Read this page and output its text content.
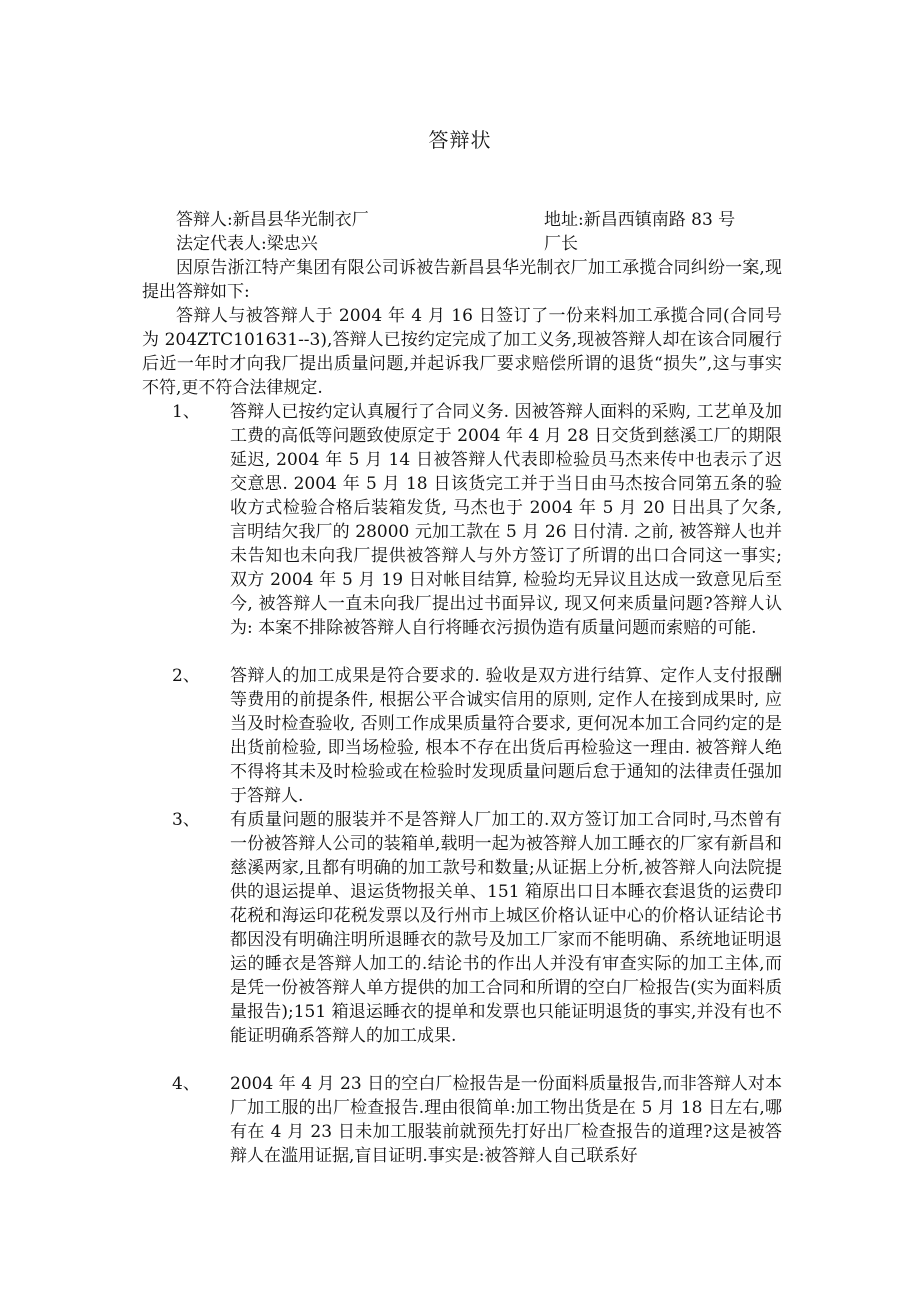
答辩状
答辩人:新昌县华光制衣厂	地址:新昌西镇南路 83 号
法定代表人:梁忠兴	厂长
因原告浙江特产集团有限公司诉被告新昌县华光制衣厂加工承揽合同纠纷一案,现提出答辩如下:
答辩人与被答辩人于 2004 年 4 月 16 日签订了一份来料加工承揽合同(合同号为 204ZTC101631--3),答辩人已按约定完成了加工义务,现被答辩人却在该合同履行后近一年时才向我厂提出质量问题,并起诉我厂要求赔偿所谓的退货“损失”,这与事实不符,更不符合法律规定.
1、 答辩人已按约定认真履行了合同义务. 因被答辩人面料的采购, 工艺单及加工费的高低等问题致使原定于 2004 年 4 月 28 日交货到慈溪工厂的期限延迟, 2004 年 5 月 14 日被答辩人代表即检验员马杰来传中也表示了迟交意思. 2004 年 5 月 18 日该货完工并于当日由马杰按合同第五条的验收方式检验合格后装箱发货, 马杰也于 2004 年 5 月 20 日出具了欠条, 言明结欠我厂的 28000 元加工款在 5 月 26 日付清. 之前, 被答辩人也并未告知也未向我厂提供被答辩人与外方签订了所谓的出口合同这一事实; 双方 2004 年 5 月 19 日对帐目结算, 检验均无异议且达成一致意见后至今, 被答辩人一直未向我厂提出过书面异议, 现又何来质量问题?答辩人认为: 本案不排除被答辩人自行将睡衣污损伪造有质量问题而索赔的可能.
2、 答辩人的加工成果是符合要求的. 验收是双方进行结算、定作人支付报酬等费用的前提条件, 根据公平合诚实信用的原则, 定作人在接到成果时, 应当及时检查验收, 否则工作成果质量符合要求, 更何况本加工合同约定的是出货前检验, 即当场检验, 根本不存在出货后再检验这一理由. 被答辩人绝不得将其未及时检验或在检验时发现质量问题后怠于通知的法律责任强加于答辩人.
3、 有质量问题的服装并不是答辩人厂加工的.双方签订加工合同时,马杰曾有一份被答辩人公司的装箱单,载明一起为被答辩人加工睡衣的厂家有新昌和慈溪两家,且都有明确的加工款号和数量;从证据上分析,被答辩人向法院提供的退运提单、退运货物报关单、151 箱原出口日本睡衣套退货的运费印花税和海运印花税发票以及行州市上城区价格认证中心的价格认证结论书都因没有明确注明所退睡衣的款号及加工厂家而不能明确、系统地证明退运的睡衣是答辩人加工的.结论书的作出人并没有审查实际的加工主体,而是凭一份被答辩人单方提供的加工合同和所谓的空白厂检报告(实为面料质量报告);151 箱退运睡衣的提单和发票也只能证明退货的事实,并没有也不能证明确系答辩人的加工成果.
4、 2004 年 4 月 23 日的空白厂检报告是一份面料质量报告,而非答辩人对本厂加工服的出厂检查报告.理由很简单:加工物出货是在 5 月 18 日左右,哪有在 4 月 23 日未加工服装前就预先打好出厂检查报告的道理?这是被答辩人在滥用证据,盲目证明.事实是:被答辩人自己联系好
